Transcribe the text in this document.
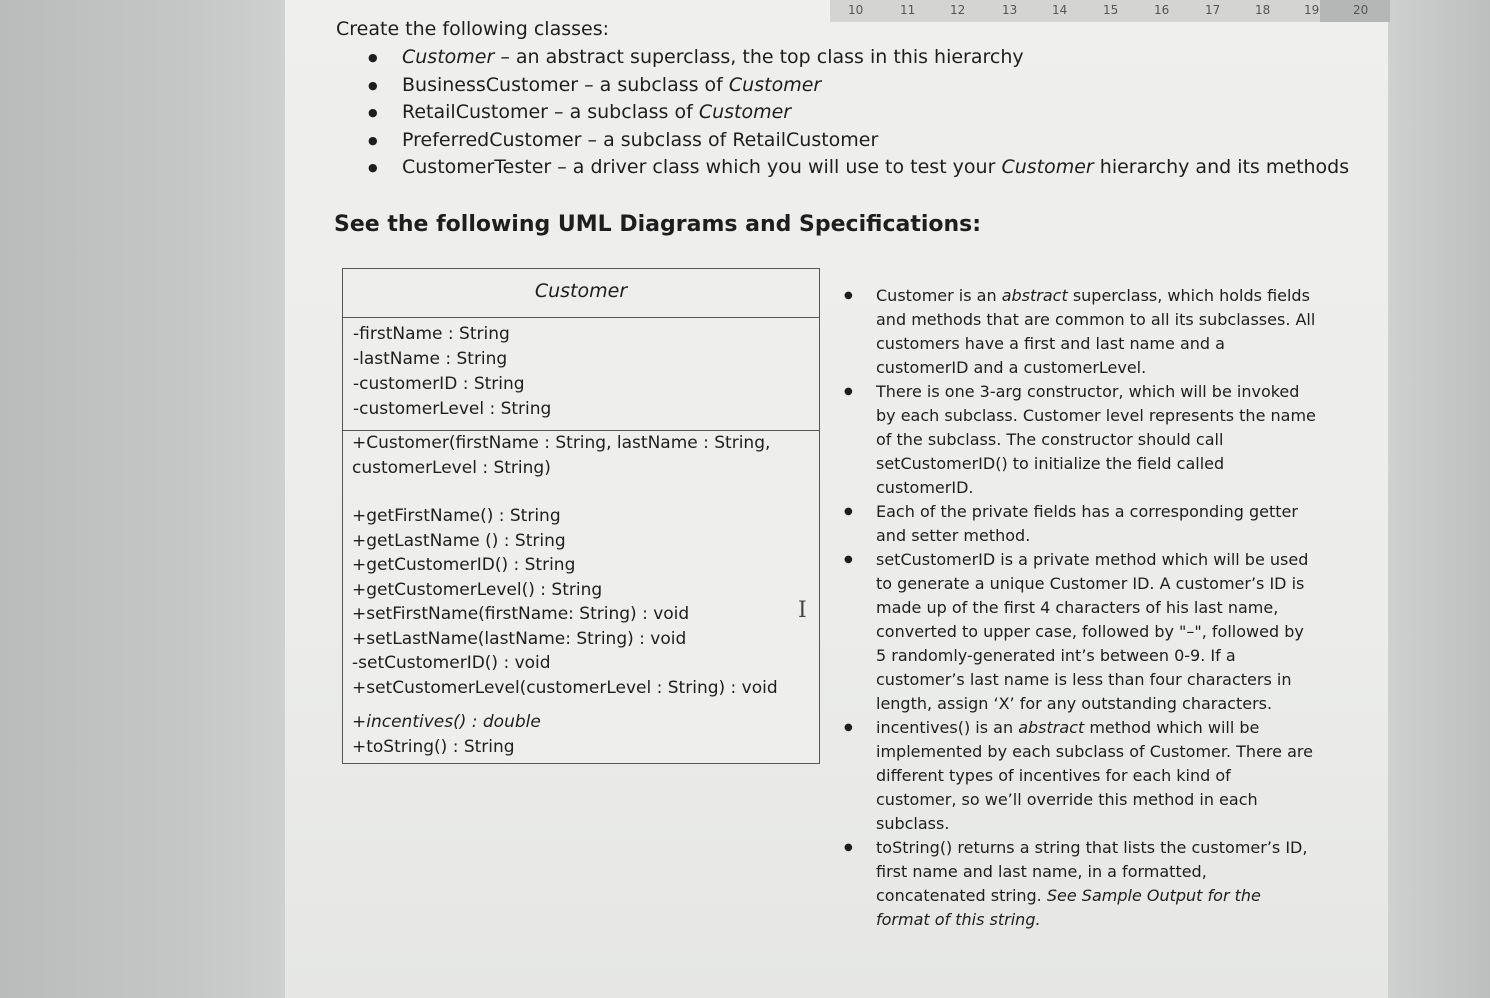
10	11	12	13	14	15	16	17	18	19	20

Create the following classes:

● Customer – an abstract superclass, the top class in this hierarchy
● BusinessCustomer – a subclass of Customer
● RetailCustomer – a subclass of Customer
● PreferredCustomer – a subclass of RetailCustomer
● CustomerTester – a driver class which you will use to test your Customer hierarchy and its methods
See the following UML Diagrams and Specifications:
Customer
-firstName : String
-lastName : String
-customerID : String
-customerLevel : String
+Customer(firstName : String, lastName : String,
customerLevel : String)
+getFirstName() : String
+getLastName () : String
+getCustomerID() : String
+getCustomerLevel() : String
+setFirstName(firstName: String) : void
+setLastName(lastName: String) : void
-setCustomerID() : void
+setCustomerLevel(customerLevel : String) : void
+incentives() : double
+toString() : String
I
● Customer is an abstract superclass, which holds fields and methods that are common to all its subclasses. All customers have a first and last name and a customerID and a customerLevel.
● There is one 3-arg constructor, which will be invoked by each subclass. Customer level represents the name of the subclass. The constructor should call setCustomerID() to initialize the field called customerID.
● Each of the private fields has a corresponding getter and setter method.
● setCustomerID is a private method which will be used to generate a unique Customer ID. A customer’s ID is made up of the first 4 characters of his last name, converted to upper case, followed by "–", followed by 5 randomly-generated int’s between 0-9. If a customer’s last name is less than four characters in length, assign ‘X’ for any outstanding characters.
● incentives() is an abstract method which will be implemented by each subclass of Customer. There are different types of incentives for each kind of customer, so we’ll override this method in each subclass.
● toString() returns a string that lists the customer’s ID, first name and last name, in a formatted, concatenated string. See Sample Output for the format of this string.
